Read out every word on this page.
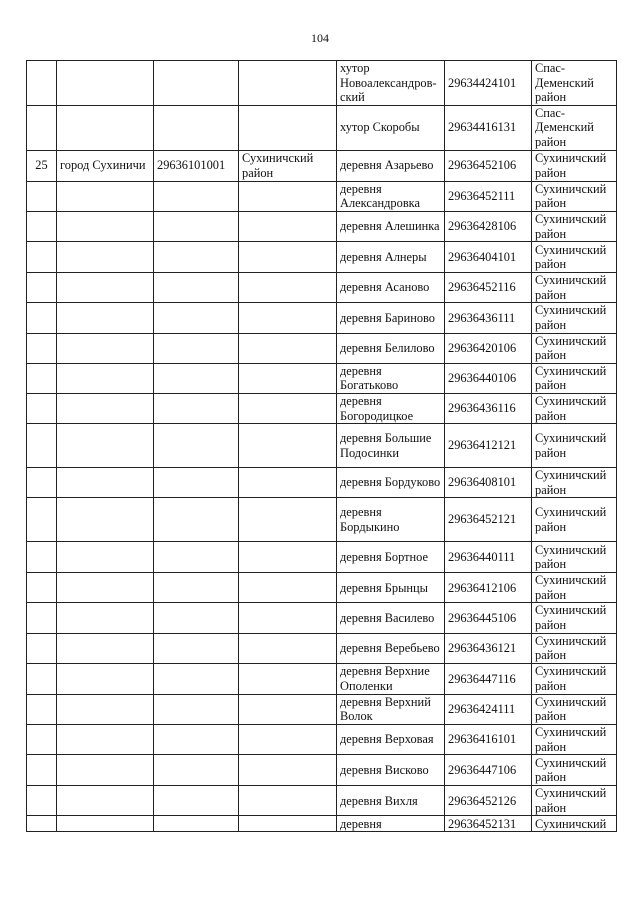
104
				хутор Новоалександров-ский	29634424101	Спас-Деменский район
				хутор Скоробы	29634416131	Спас-Деменский район
25	город Сухиничи	29636101001	Сухиничский район	деревня Азарьево	29636452106	Сухиничский район
				деревня Александровка	29636452111	Сухиничский район
				деревня Алешинка	29636428106	Сухиничский район
				деревня Алнеры	29636404101	Сухиничский район
				деревня Асаново	29636452116	Сухиничский район
				деревня Бариново	29636436111	Сухиничский район
				деревня Белилово	29636420106	Сухиничский район
				деревня Богатьково	29636440106	Сухиничский район
				деревня Богородицкое	29636436116	Сухиничский район
				деревня Большие Подосинки	29636412121	Сухиничский район
				деревня Бордуково	29636408101	Сухиничский район
				деревня Бордыкино	29636452121	Сухиничский район
				деревня Бортное	29636440111	Сухиничский район
				деревня Брынцы	29636412106	Сухиничский район
				деревня Василево	29636445106	Сухиничский район
				деревня Веребьево	29636436121	Сухиничский район
				деревня Верхние Ополенки	29636447116	Сухиничский район
				деревня Верхний Волок	29636424111	Сухиничский район
				деревня Верховая	29636416101	Сухиничский район
				деревня Висково	29636447106	Сухиничский район
				деревня Вихля	29636452126	Сухиничский район
				деревня	29636452131	Сухиничский
